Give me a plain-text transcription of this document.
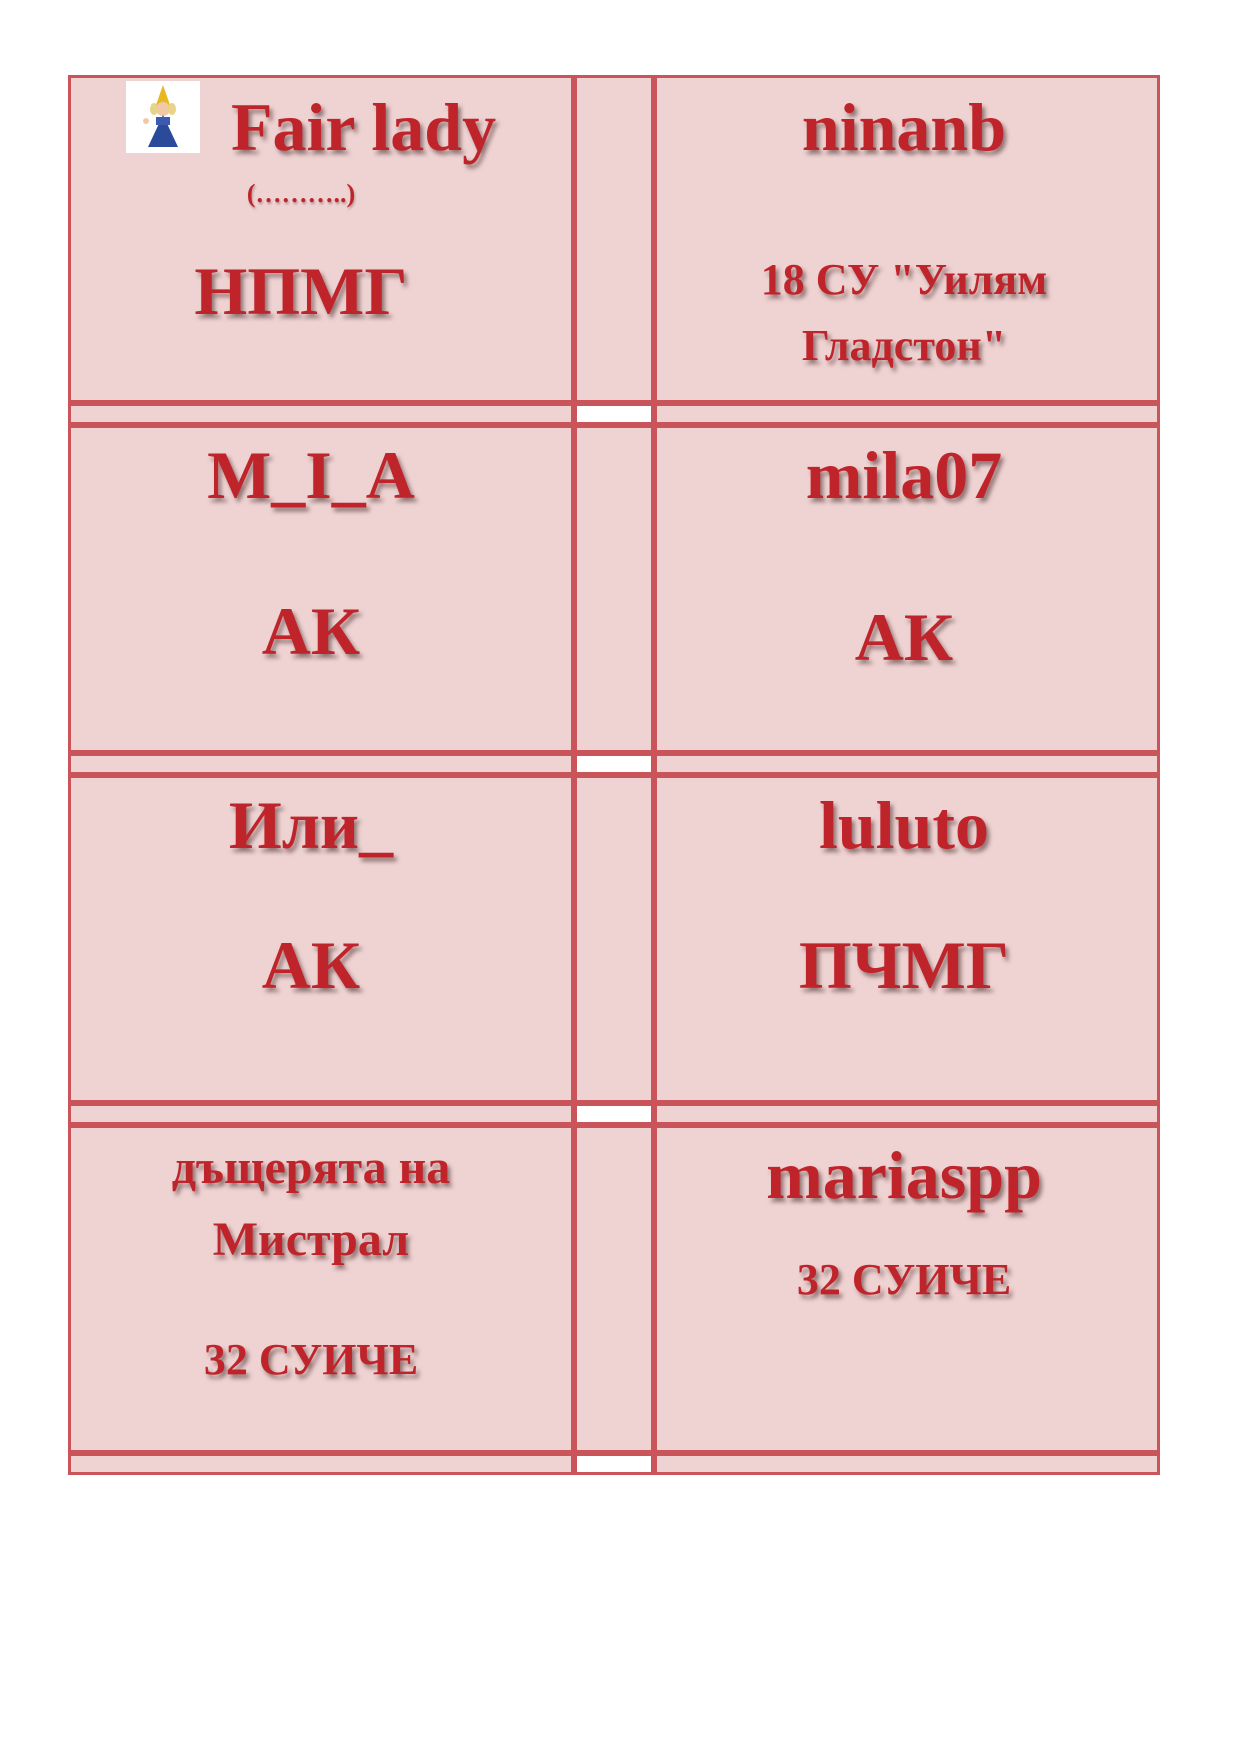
Fair lady
(………..)
НПМГ
ninanb
18 СУ "Уилям
Гладстон"
M_I_A
АК
mila07
АК
Или_
АК
luluto
ПЧМГ
дъщерята на
Мистрал
32 СУИЧЕ
mariaspp
32 СУИЧЕ
